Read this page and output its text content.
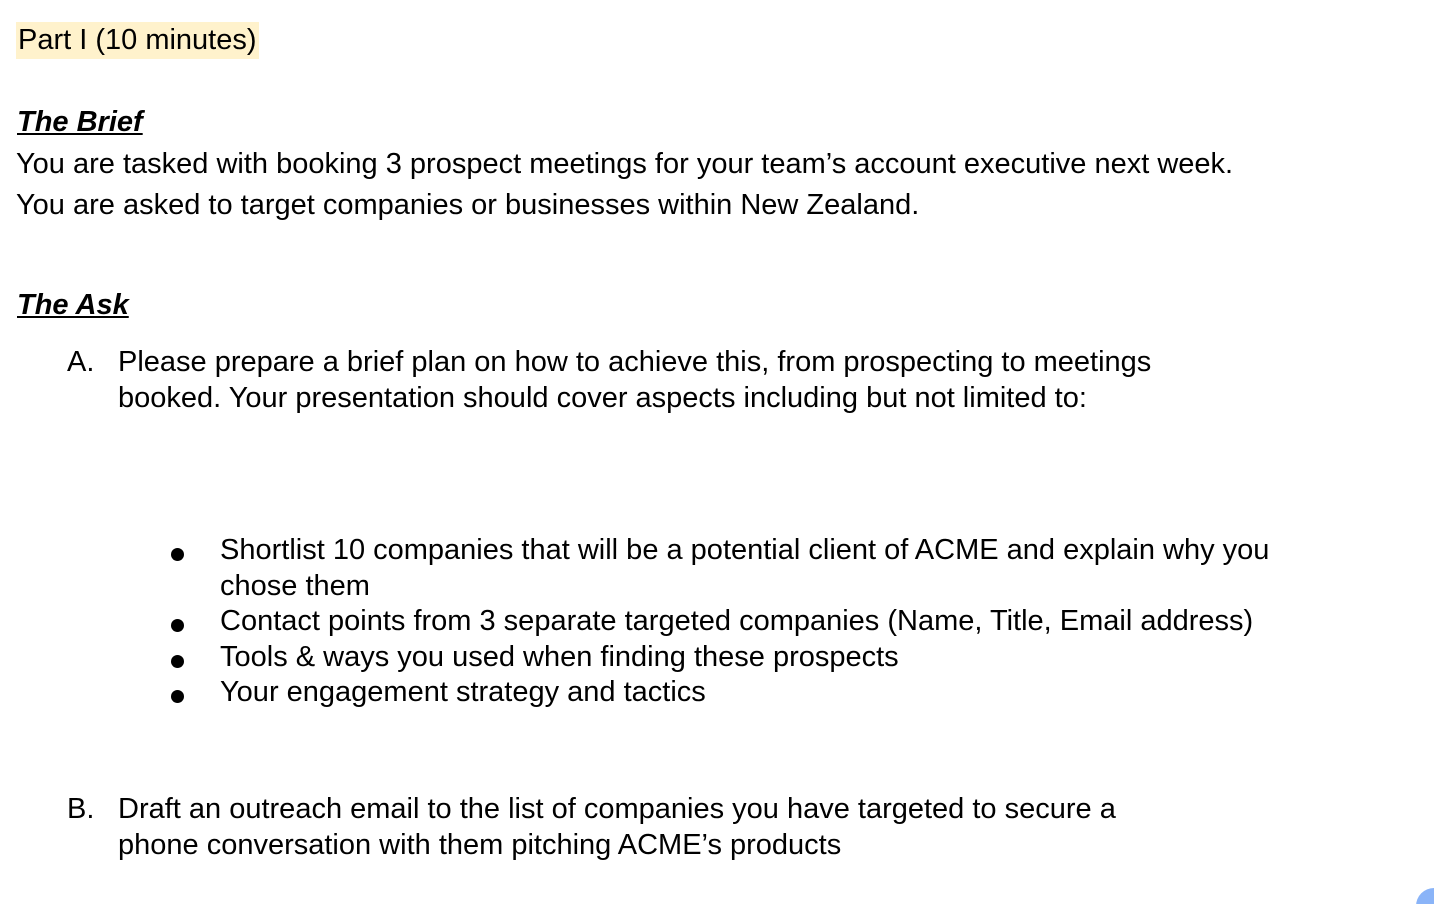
Part I (10 minutes)
The Brief
You are tasked with booking 3 prospect meetings for your team’s account executive next week.
You are asked to target companies or businesses within New Zealand.
The Ask
A. Please prepare a brief plan on how to achieve this, from prospecting to meetings booked. Your presentation should cover aspects including but not limited to:
Shortlist 10 companies that will be a potential client of ACME and explain why you chose them
Contact points from 3 separate targeted companies (Name, Title, Email address)
Tools & ways you used when finding these prospects
Your engagement strategy and tactics
B. Draft an outreach email to the list of companies you have targeted to secure a phone conversation with them pitching ACME’s products
